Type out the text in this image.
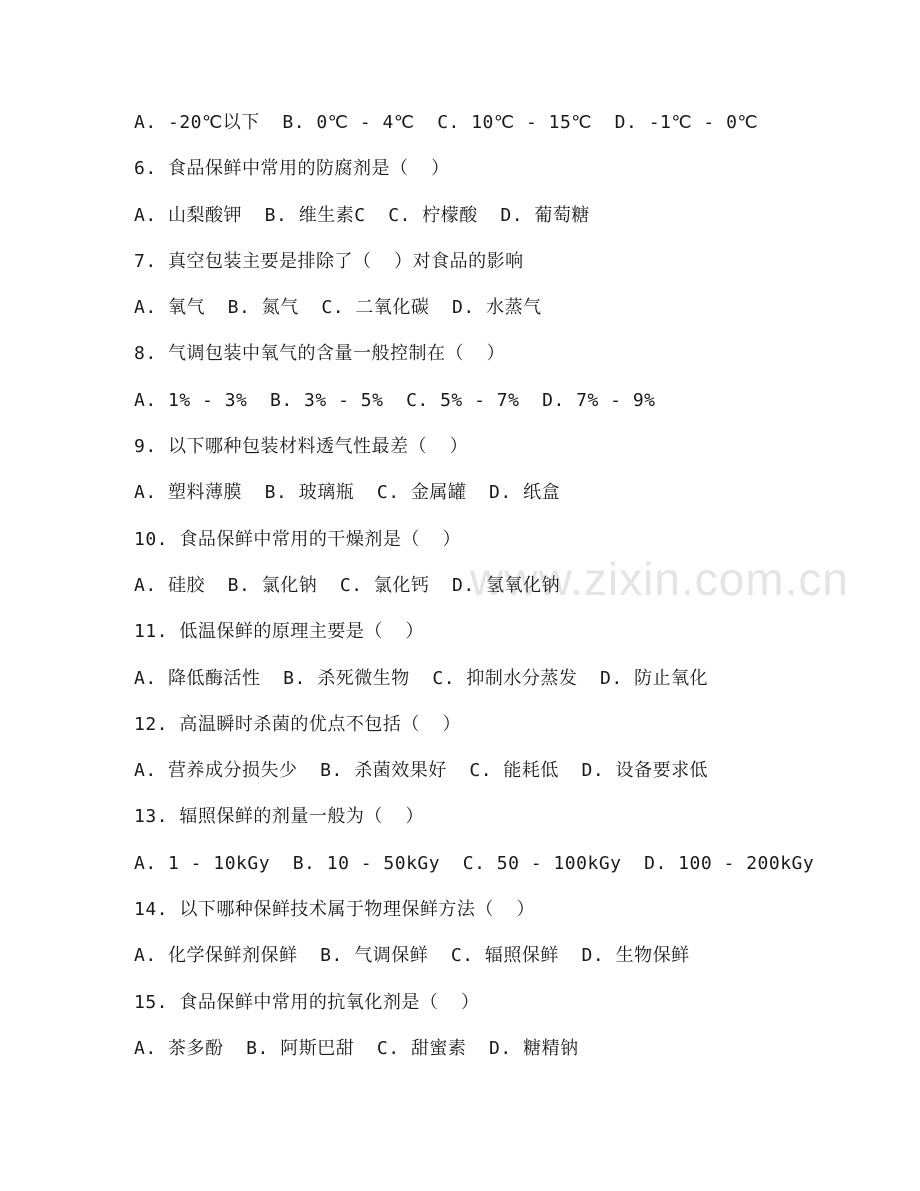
www.zixin.com.cn
A. -20℃以下  B. 0℃ - 4℃  C. 10℃ - 15℃  D. -1℃ - 0℃
6. 食品保鲜中常用的防腐剂是（  ）
A. 山梨酸钾  B. 维生素C  C. 柠檬酸  D. 葡萄糖
7. 真空包装主要是排除了（  ）对食品的影响
A. 氧气  B. 氮气  C. 二氧化碳  D. 水蒸气
8. 气调包装中氧气的含量一般控制在（  ）
A. 1% - 3%  B. 3% - 5%  C. 5% - 7%  D. 7% - 9%
9. 以下哪种包装材料透气性最差（  ）
A. 塑料薄膜  B. 玻璃瓶  C. 金属罐  D. 纸盒
10. 食品保鲜中常用的干燥剂是（  ）
A. 硅胶  B. 氯化钠  C. 氯化钙  D. 氢氧化钠
11. 低温保鲜的原理主要是（  ）
A. 降低酶活性  B. 杀死微生物  C. 抑制水分蒸发  D. 防止氧化
12. 高温瞬时杀菌的优点不包括（  ）
A. 营养成分损失少  B. 杀菌效果好  C. 能耗低  D. 设备要求低
13. 辐照保鲜的剂量一般为（  ）
A. 1 - 10kGy  B. 10 - 50kGy  C. 50 - 100kGy  D. 100 - 200kGy
14. 以下哪种保鲜技术属于物理保鲜方法（  ）
A. 化学保鲜剂保鲜  B. 气调保鲜  C. 辐照保鲜  D. 生物保鲜
15. 食品保鲜中常用的抗氧化剂是（  ）
A. 茶多酚  B. 阿斯巴甜  C. 甜蜜素  D. 糖精钠
